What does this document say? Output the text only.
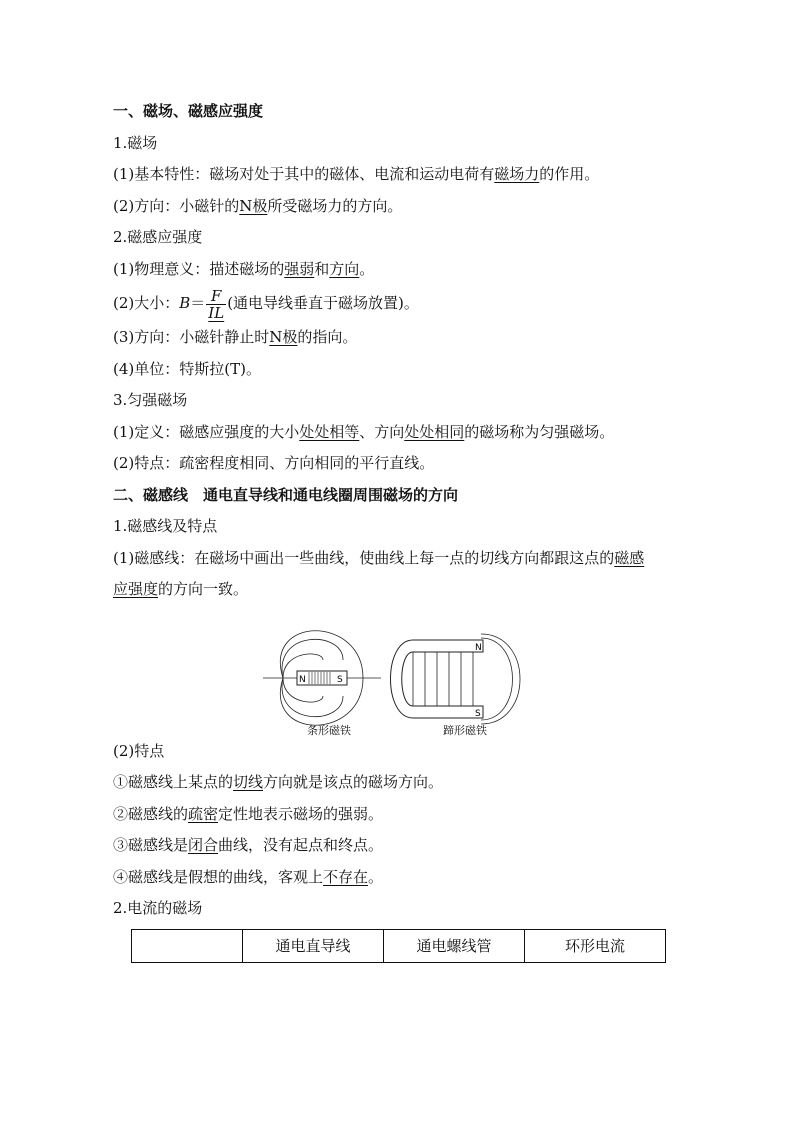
一、磁场、磁感应强度
1.磁场
(1)基本特性：磁场对处于其中的磁体、电流和运动电荷有磁场力的作用。
(2)方向：小磁针的N极所受磁场力的方向。
2.磁感应强度
(1)物理意义：描述磁场的强弱和方向。
(2)大小：$B= \frac{F}{IL}$ (通电导线垂直于磁场放置)。
(3)方向：小磁针静止时N极的指向。
(4)单位：特斯拉(T)。
3.匀强磁场
(1)定义：磁感应强度的大小处处相等、方向处处相同的磁场称为匀强磁场。
(2)特点：疏密程度相同、方向相同的平行直线。
二、磁感线　通电直导线和通电线圈周围磁场的方向
1.磁感线及特点
(1)磁感线：在磁场中画出一些曲线，使曲线上每一点的切线方向都跟这点的磁感
应强度的方向一致。
N	S
N
S
条形磁铁	蹄形磁铁
(2)特点
①磁感线上某点的切线方向就是该点的磁场方向。
②磁感线的疏密定性地表示磁场的强弱。
③磁感线是闭合曲线，没有起点和终点。
④磁感线是假想的曲线，客观上不存在。
2.电流的磁场
	通电直导线	通电螺线管	环形电流
